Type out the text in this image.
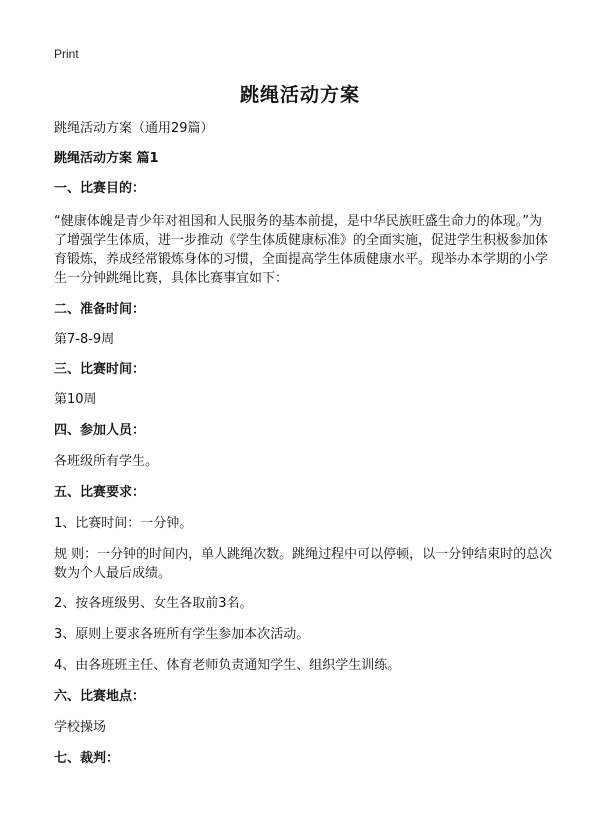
Print
跳绳活动方案
跳绳活动方案（通用29篇）
跳绳活动方案 篇1
一、比赛目的：
“健康体魄是青少年对祖国和人民服务的基本前提，是中华民族旺盛生命力的体现。”为了增强学生体质，进一步推动《学生体质健康标准》的全面实施，促进学生积极参加体育锻炼，养成经常锻炼身体的习惯，全面提高学生体质健康水平。现举办本学期的小学生一分钟跳绳比赛，具体比赛事宜如下：
二、准备时间：
第7-8-9周
三、比赛时间：
第10周
四、参加人员：
各班级所有学生。
五、比赛要求：
1、比赛时间：一分钟。
规 则：一分钟的时间内，单人跳绳次数。跳绳过程中可以停顿，以一分钟结束时的总次数为个人最后成绩。
2、按各班级男、女生各取前3名。
3、原则上要求各班所有学生参加本次活动。
4、由各班班主任、体育老师负责通知学生、组织学生训练。
六、比赛地点：
学校操场
七、裁判：
